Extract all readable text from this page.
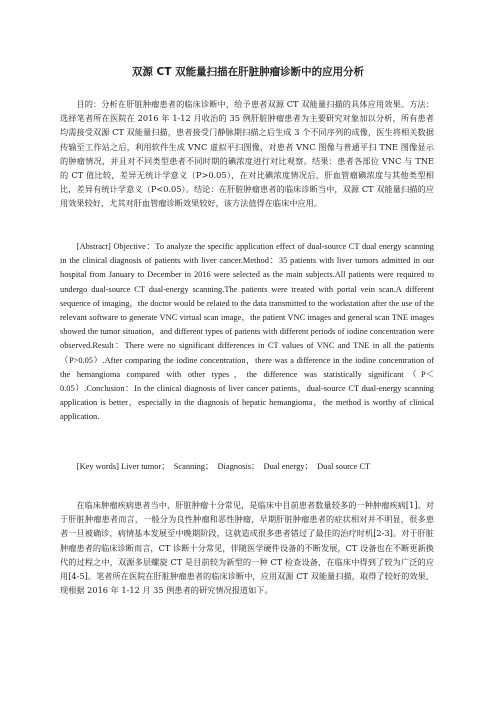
双源 CT 双能量扫描在肝脏肿瘤诊断中的应用分析

目的：分析在肝脏肿瘤患者的临床诊断中，给予患者双源 CT 双能量扫描的具体应用效果。方法：选择笔者所在医院在 2016 年 1-12 月收治的 35 例肝脏肿瘤患者为主要研究对象加以分析，所有患者均需接受双源 CT 双能量扫描，患者接受门静脉期扫描之后生成 3 个不同序列的成像，医生将相关数据传输至工作站之后，利用软件生成 VNC 虚拟平扫图像，对患者 VNC 图像与普通平扫 TNE 图像显示的肿瘤情况，并且对不同类型患者不同时期的碘浓度进行对比观察。结果：患者各部位 VNC 与 TNE 的 CT 值比较，差异无统计学意义（P>0.05），在对比碘浓度情况后，肝血管瘤碘浓度与其他类型相比，差异有统计学意义（P<0.05）。结论：在肝脏肿瘤患者的临床诊断当中，双源 CT 双能量扫描的应用效果较好，尤其对肝血管瘤诊断效果较好，该方法值得在临床中应用。

[Abstract] Objective：To analyze the specific application effect of dual-source CT dual energy scanning in the clinical diagnosis of patients with liver cancer.Method：35 patients with liver tumors admitted in our hospital from January to December in 2016 were selected as the main subjects.All patients were required to undergo dual-source CT dual-energy scanning.The patients were treated with portal vein scan.A different sequence of imaging，the doctor would be related to the data transmitted to the workstation after the use of the relevant software to generate VNC virtual scan image，the patient VNC images and general scan TNE images showed the tumor situation，and different types of patients with different periods of iodine concentration were observed.Result：There were no significant differences in CT values of VNC and TNE in all the patients（P>0.05）.After comparing the iodine concentration，there was a difference in the iodine concentration of the hemangioma compared with other types，the difference was statistically significant（P＜0.05）.Conclusion：In the clinical diagnosis of liver cancer patients，dual-source CT dual-energy scanning application is better，especially in the diagnosis of hepatic hemangioma，the method is worthy of clinical application.

[Key words] Liver tumor；　Scanning；　Diagnosis；　Dual energy；　Dual source CT

在临床肿瘤疾病患者当中，肝脏肿瘤十分常见，是临床中目前患者数量较多的一种肿瘤疾病[1]。对于肝脏肿瘤患者而言，一般分为良性肿瘤和恶性肿瘤，早期肝脏肿瘤患者的症状相对并不明显，很多患者一旦被确诊，病情基本发展至中晚期阶段，这就造成很多患者错过了最佳的治疗时机[2-3]。对于肝脏肿瘤患者的临床诊断而言，CT 诊断十分常见，伴随医学硬件设备的不断发展，CT 设备也在不断更新换代的过程之中，双源多层螺旋 CT 是目前较为新型的一种 CT 检查设备，在临床中得到了较为广泛的应用[4-5]。笔者所在医院在肝脏肿瘤患者的临床诊断中，应用双源 CT 双能量扫描，取得了较好的效果，现根据 2016 年 1-12 月 35 例患者的研究情况报道如下。
